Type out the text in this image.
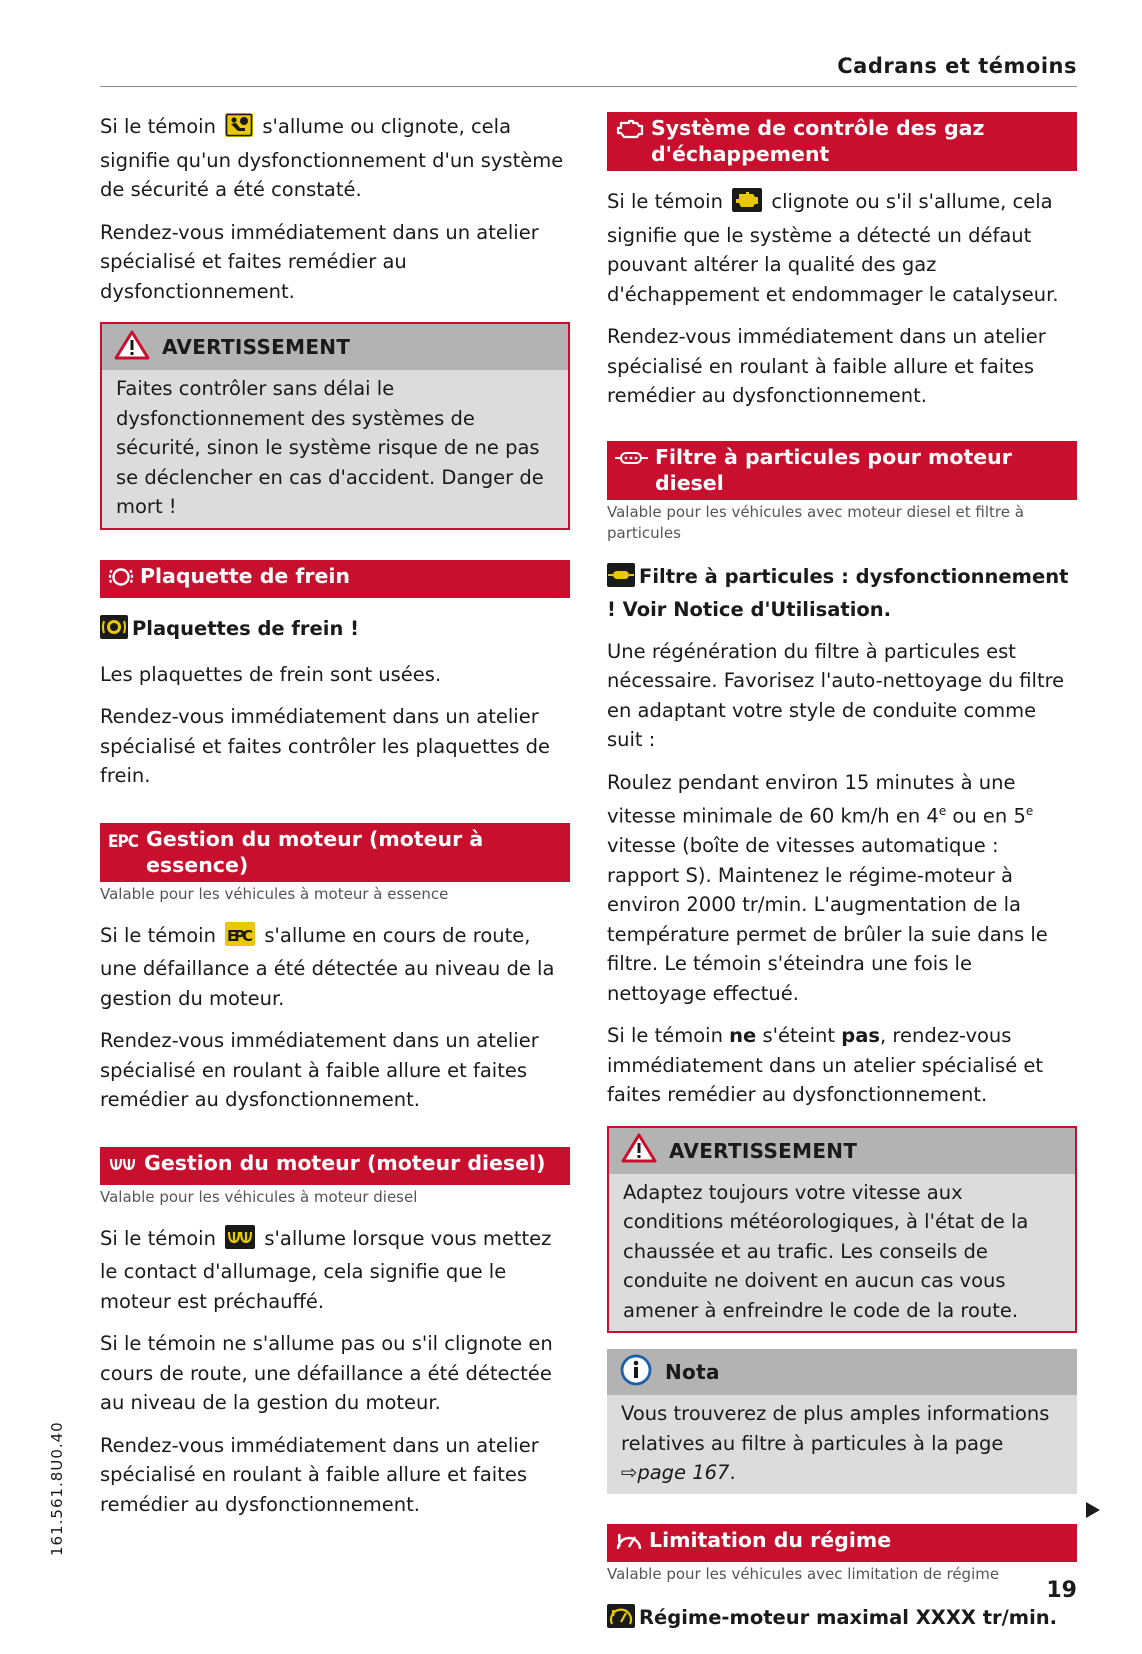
Cadrans et témoins

Si le témoin s'allume ou clignote, cela signifie qu'un dysfonctionnement d'un système de sécurité a été constaté.

Rendez-vous immédiatement dans un atelier spécialisé et faites remédier au dysfonctionnement.

AVERTISSEMENT
Faites contrôler sans délai le dysfonctionnement des systèmes de sécurité, sinon le système risque de ne pas se déclencher en cas d'accident. Danger de mort !
Plaquette de frein
Plaquettes de frein !

Les plaquettes de frein sont usées.

Rendez-vous immédiatement dans un atelier spécialisé et faites contrôler les plaquettes de frein.

EPC Gestion du moteur (moteur à essence)
Valable pour les véhicules à moteur à essence

Si le témoin EPC s'allume en cours de route, une défaillance a été détectée au niveau de la gestion du moteur.

Rendez-vous immédiatement dans un atelier spécialisé en roulant à faible allure et faites remédier au dysfonctionnement.

Gestion du moteur (moteur diesel)
Valable pour les véhicules à moteur diesel

Si le témoin s'allume lorsque vous mettez le contact d'allumage, cela signifie que le moteur est préchauffé.

Si le témoin ne s'allume pas ou s'il clignote en cours de route, une défaillance a été détectée au niveau de la gestion du moteur.

Rendez-vous immédiatement dans un atelier spécialisé en roulant à faible allure et faites remédier au dysfonctionnement.

Système de contrôle des gaz d'échappement

Si le témoin clignote ou s'il s'allume, cela signifie que le système a détecté un défaut pouvant altérer la qualité des gaz d'échappement et endommager le catalyseur.

Rendez-vous immédiatement dans un atelier spécialisé en roulant à faible allure et faites remédier au dysfonctionnement.

Filtre à particules pour moteur diesel
Valable pour les véhicules avec moteur diesel et filtre à particules
Filtre à particules : dysfonctionnement ! Voir Notice d'Utilisation.

Une régénération du filtre à particules est nécessaire. Favorisez l'auto-nettoyage du filtre en adaptant votre style de conduite comme suit :

Roulez pendant environ 15 minutes à une vitesse minimale de 60 km/h en 4e ou en 5e vitesse (boîte de vitesses automatique : rapport S). Maintenez le régime-moteur à environ 2000 tr/min. L'augmentation de la température permet de brûler la suie dans le filtre. Le témoin s'éteindra une fois le nettoyage effectué.

Si le témoin ne s'éteint pas, rendez-vous immédiatement dans un atelier spécialisé et faites remédier au dysfonctionnement.

AVERTISSEMENT
Adaptez toujours votre vitesse aux conditions météorologiques, à l'état de la chaussée et au trafic. Les conseils de conduite ne doivent en aucun cas vous amener à enfreindre le code de la route.
Nota
Vous trouverez de plus amples informations relatives au filtre à particules à la page ⇨page 167.
Limitation du régime
Valable pour les véhicules avec limitation de régime
Régime-moteur maximal XXXX tr/min.
161.561.8U0.40
19
